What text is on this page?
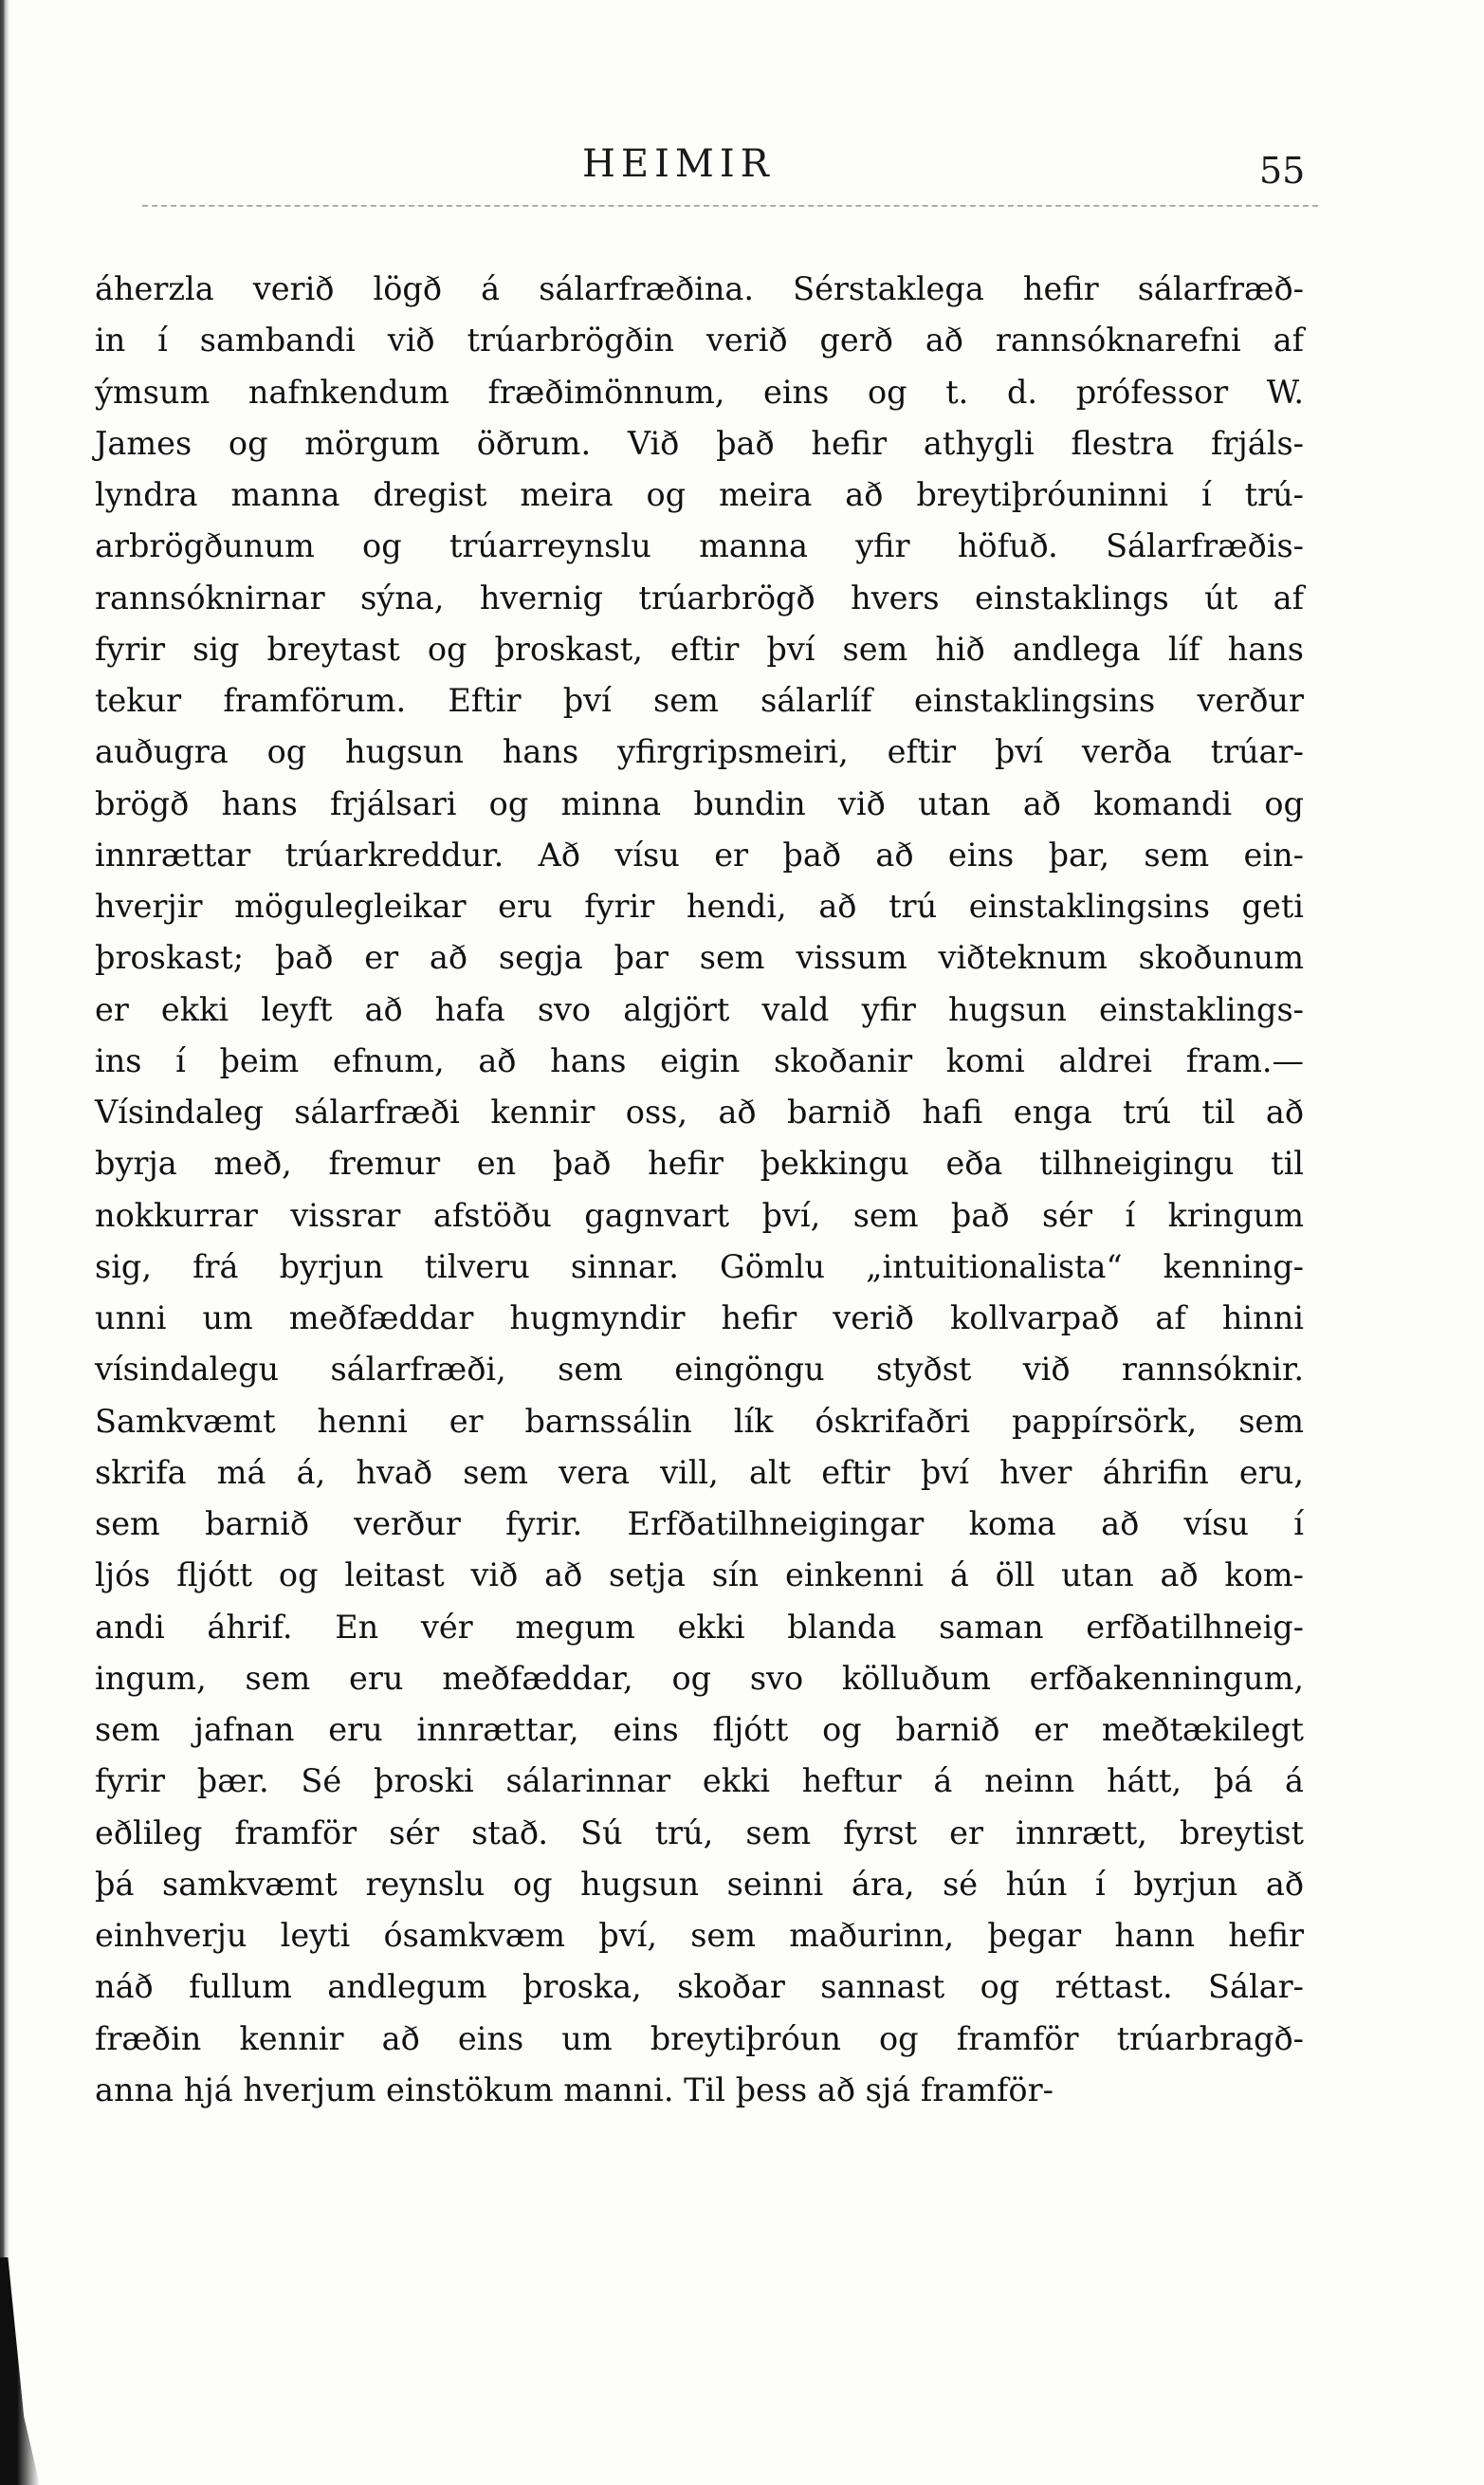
HEIMIR	55
áherzla verið lögð á sálarfræðina. Sérstaklega hefir sálarfræð-
in í sambandi við trúarbrögðin verið gerð að rannsóknarefni af
ýmsum nafnkendum fræðimönnum, eins og t. d. prófessor W.
James og mörgum öðrum. Við það hefir athygli flestra frjáls-
lyndra manna dregist meira og meira að breytiþróuninni í trú-
arbrögðunum og trúarreynslu manna yfir höfuð. Sálarfræðis-
rannsóknirnar sýna, hvernig trúarbrögð hvers einstaklings út af
fyrir sig breytast og þroskast, eftir því sem hið andlega líf hans
tekur framförum. Eftir því sem sálarlíf einstaklingsins verður
auðugra og hugsun hans yfirgripsmeiri, eftir því verða trúar-
brögð hans frjálsari og minna bundin við utan að komandi og
innrættar trúarkreddur. Að vísu er það að eins þar, sem ein-
hverjir mögulegleikar eru fyrir hendi, að trú einstaklingsins geti
þroskast; það er að segja þar sem vissum viðteknum skoðunum
er ekki leyft að hafa svo algjört vald yfir hugsun einstaklings-
ins í þeim efnum, að hans eigin skoðanir komi aldrei fram.—
Vísindaleg sálarfræði kennir oss, að barnið hafi enga trú til að
byrja með, fremur en það hefir þekkingu eða tilhneigingu til
nokkurrar vissrar afstöðu gagnvart því, sem það sér í kringum
sig, frá byrjun tilveru sinnar. Gömlu „intuitionalista“ kenning-
unni um meðfæddar hugmyndir hefir verið kollvarpað af hinni
vísindalegu sálarfræði, sem eingöngu styðst við rannsóknir.
Samkvæmt henni er barnssálin lík óskrifaðri pappírsörk, sem
skrifa má á, hvað sem vera vill, alt eftir því hver áhrifin eru,
sem barnið verður fyrir. Erfðatilhneigingar koma að vísu í
ljós fljótt og leitast við að setja sín einkenni á öll utan að kom-
andi áhrif. En vér megum ekki blanda saman erfðatilhneig-
ingum, sem eru meðfæddar, og svo kölluðum erfðakenningum,
sem jafnan eru innrættar, eins fljótt og barnið er meðtækilegt
fyrir þær. Sé þroski sálarinnar ekki heftur á neinn hátt, þá á
eðlileg framför sér stað. Sú trú, sem fyrst er innrætt, breytist
þá samkvæmt reynslu og hugsun seinni ára, sé hún í byrjun að
einhverju leyti ósamkvæm því, sem maðurinn, þegar hann hefir
náð fullum andlegum þroska, skoðar sannast og réttast. Sálar-
fræðin kennir að eins um breytiþróun og framför trúarbragð-
anna hjá hverjum einstökum manni. Til þess að sjá framför-
